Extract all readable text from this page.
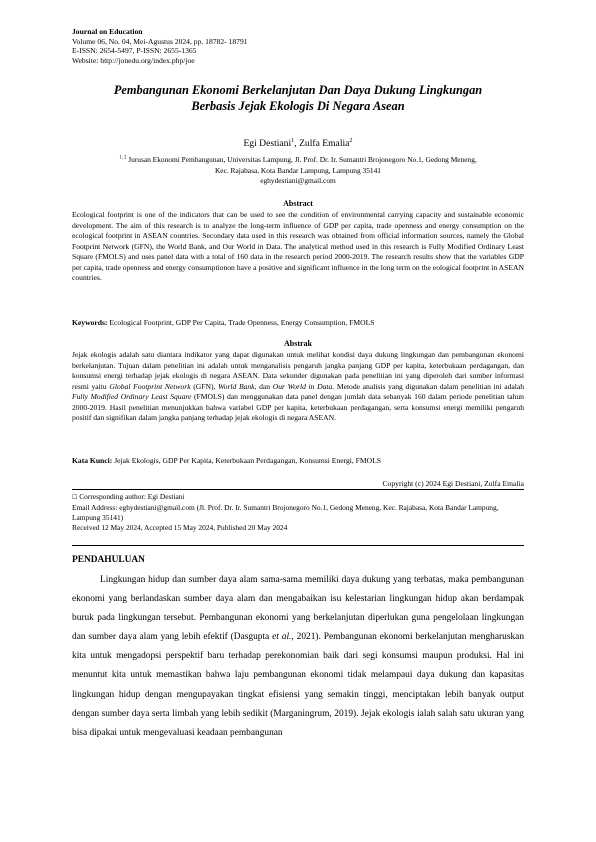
Journal on Education
Volume 06, No. 04, Mei-Agustus 2024, pp. 18782- 18791
E-ISSN: 2654-5497, P-ISSN: 2655-1365
Website: http://jonedu.org/index.php/joe
Pembangunan Ekonomi Berkelanjutan Dan Daya Dukung Lingkungan
Berbasis Jejak Ekologis Di Negara Asean
Egi Destiani$^1$, Zulfa Emalia$^2$
$^{1, 2}$ Jurusan Ekonomi Pembangunan, Universitas Lampung, Jl. Prof. Dr. Ir. Sumantri Brojonegoro No.1, Gedong Meneng,
Kec. Rajabasa, Kota Bandar Lampung, Lampung 35141
eghydestiani@gmail.com
Abstract
Ecological footprint is one of the indicators that can be used to see the condition of environmental carrying capacity and sustainable economic development. The aim of this research is to analyze the long-term influence of GDP per capita, trade openness and energy consumption on the ecological footprint in ASEAN countries. Secondary data used in this research was obtained from official information sources, namely the Global Footprint Network (GFN), the World Bank, and Our World in Data. The analytical method used in this research is Fully Modified Ordinary Least Square (FMOLS) and uses panel data with a total of 160 data in the research period 2000-2019. The research results show that the variables GDP per capita, trade openness and energy consumptionon have a positive and significant influence in the long term on the eological footprint in ASEAN countries.
Keywords: Ecological Footprint, GDP Per Capita, Trade Openness, Energy Consumption, FMOLS
Abstrak
Jejak ekologis adalah satu diantara indikator yang dapat digunakan untuk melihat kondisi daya dukung lingkungan dan pembangunan ekonomi berkelanjutan. Tujuan dalam penelitian ini adalah untuk menganalisis pengaruh jangka panjang GDP per kapita, keterbukaan perdagangan, dan konsumsi energi terhadap jejak ekologis di negara ASEAN. Data sekunder digunakan pada penelitian ini yang diperoleh dari sumber informasi resmi yaitu Global Footprint Network (GFN), World Bank, dan Our World in Data. Metode analisis yang digunakan dalam penelitian ini adalah Fully Modified Ordinary Least Square (FMOLS) dan menggunakan data panel dengan jumlah data sebanyak 160 dalam periode penelitian tahun 2000-2019. Hasil penelitian menunjukkan bahwa variabel GDP per kapita, keterbukaan perdagangan, serta konsumsi energi memiliki pengaruh positif dan signifikan dalam jangka panjang terhadap jejak ekologis di negara ASEAN.
Kata Kunci: Jejak Ekologis, GDP Per Kapita, Keterbukaan Perdagangan, Konsumsi Energi, FMOLS
Copyright (c) 2024 Egi Destiani, Zulfa Emalia
☐ Corresponding author: Egi Destiani
Email Address: eghydestiani@gmail.com (Jl. Prof. Dr. Ir. Sumantri Brojonegoro No.1, Gedong Meneng, Kec. Rajabasa, Kota Bandar Lampung, Lampung 35141)
Received 12 May 2024, Accepted 15 May 2024, Published 20 May 2024
PENDAHULUAN
Lingkungan hidup dan sumber daya alam sama-sama memiliki daya dukung yang terbatas, maka pembangunan ekonomi yang berlandaskan sumber daya alam dan mengabaikan isu kelestarian lingkungan hidup akan berdampak buruk pada lingkungan tersebut. Pembangunan ekonomi yang berkelanjutan diperlukan guna pengelolaan lingkungan dan sumber daya alam yang lebih efektif (Dasgupta et al., 2021). Pembangunan ekonomi berkelanjutan mengharuskan kita untuk mengadopsi perspektif baru terhadap perekonomian baik dari segi konsumsi maupun produksi. Hal ini menuntut kita untuk memastikan bahwa laju pembangunan ekonomi tidak melampaui daya dukung dan kapasitas lingkungan hidup dengan mengupayakan tingkat efisiensi yang semakin tinggi, menciptakan lebih banyak output dengan sumber daya serta limbah yang lebih sedikit (Marganingrum, 2019). Jejak ekologis ialah salah satu ukuran yang bisa dipakai untuk mengevaluasi keadaan pembangunan
